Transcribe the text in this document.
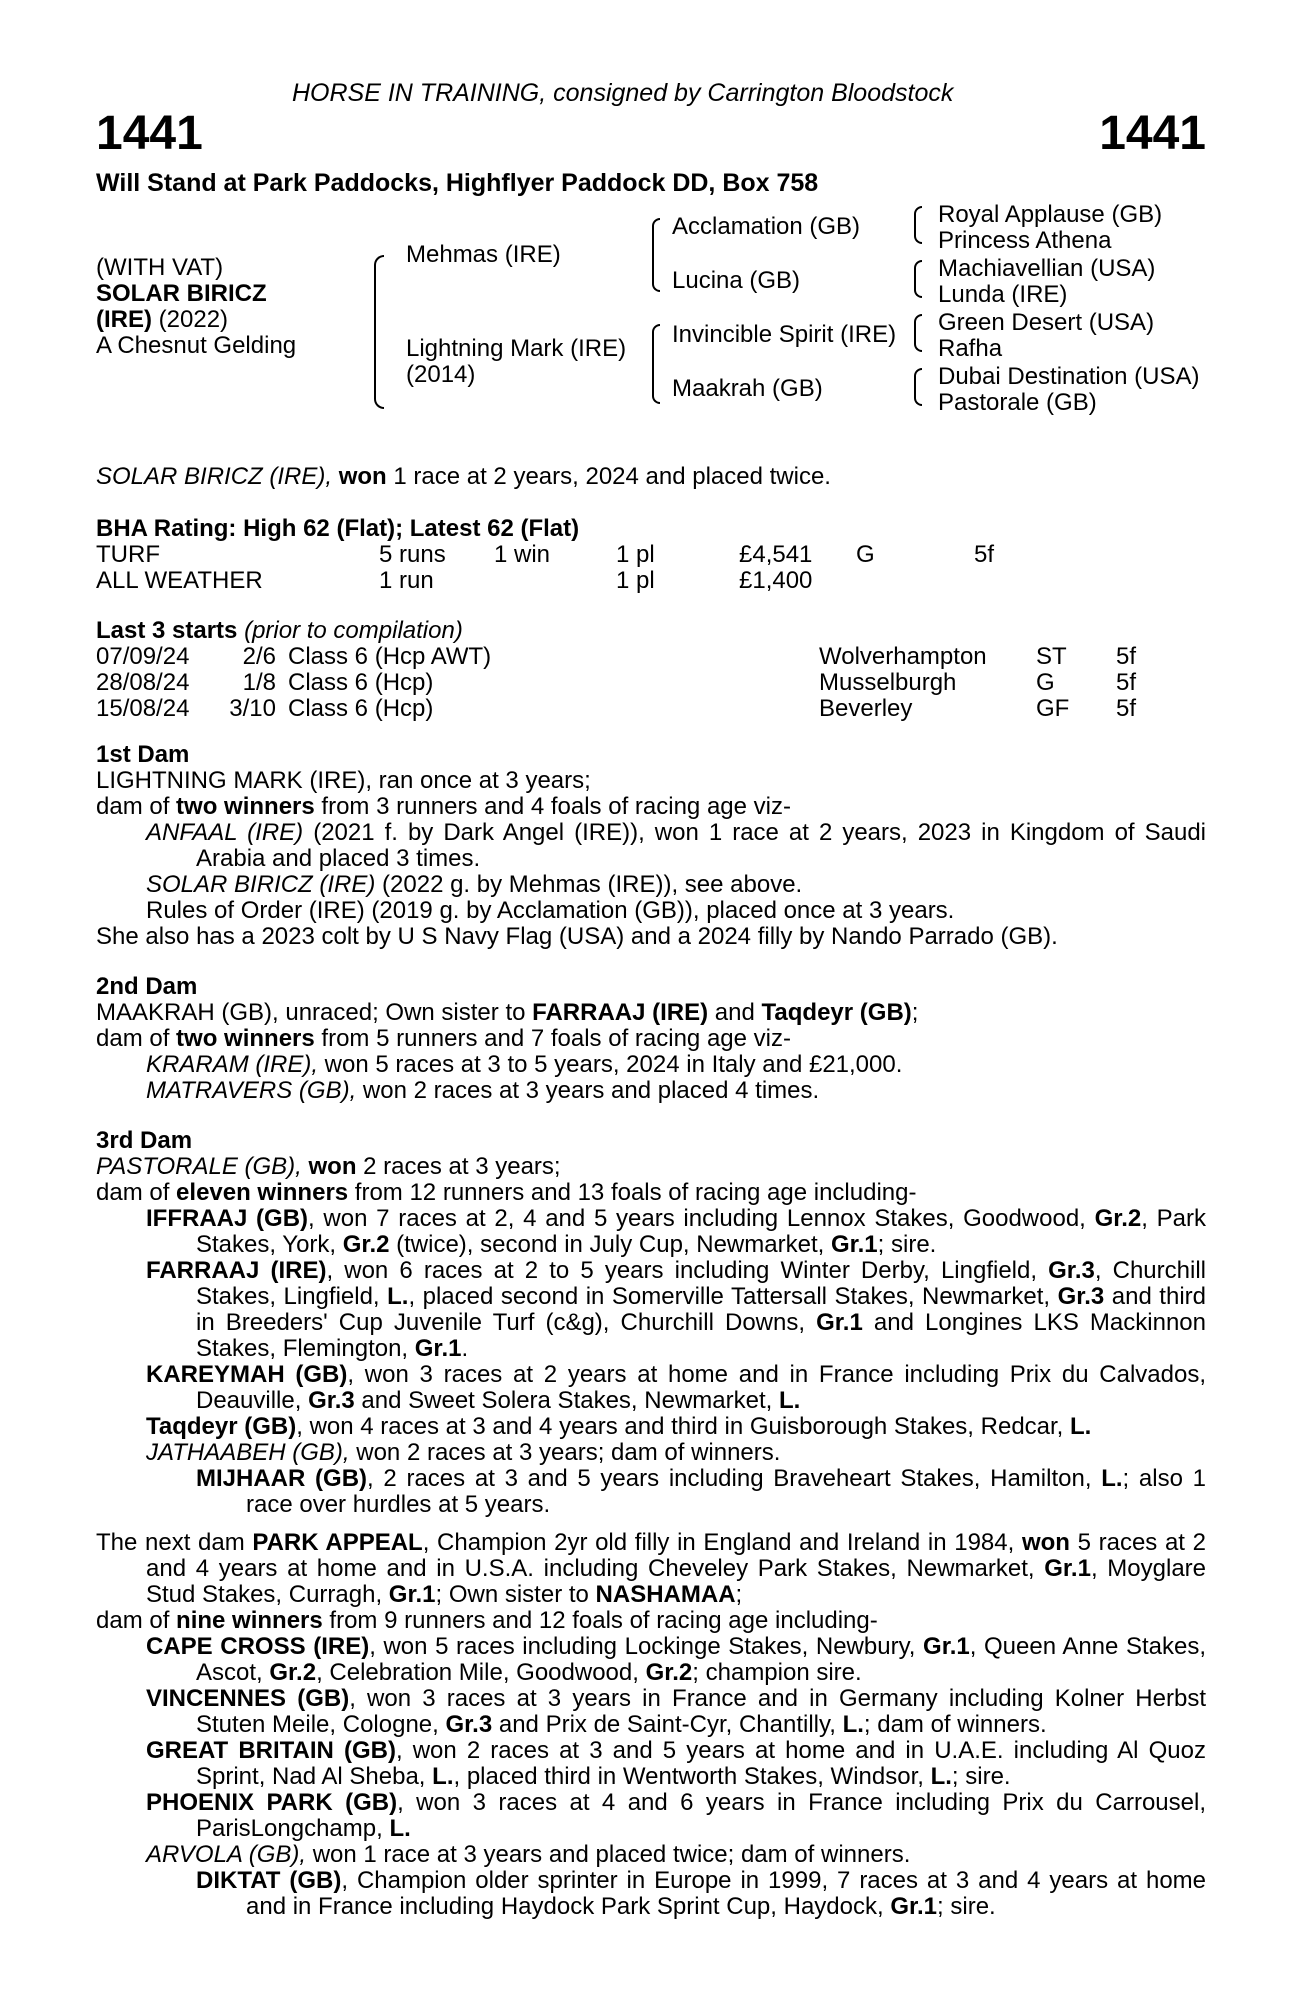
HORSE IN TRAINING, consigned by Carrington Bloodstock
1441	1441
Will Stand at Park Paddocks, Highflyer Paddock DD, Box 758
(WITH VAT)
SOLAR BIRICZ
(IRE) (2022)
A Chesnut Gelding
Mehmas (IRE)
Lightning Mark (IRE)
(2014)
Acclamation (GB)
Lucina (GB)
Invincible Spirit (IRE)
Maakrah (GB)
Royal Applause (GB)
Princess Athena
Machiavellian (USA)
Lunda (IRE)
Green Desert (USA)
Rafha
Dubai Destination (USA)
Pastorale (GB)
SOLAR BIRICZ (IRE), won 1 race at 2 years, 2024 and placed twice.
BHA Rating: High 62 (Flat); Latest 62 (Flat)
TURF	5 runs 1 win	1 pl	£4,541 G	5f
ALL WEATHER	1 run	1 pl	£1,400
Last 3 starts (prior to compilation)
07/09/24	2/6 Class 6 (Hcp AWT)	Wolverhampton ST 5f
28/08/24	1/8 Class 6 (Hcp)	Musselburgh	G	5f
15/08/24	3/10 Class 6 (Hcp)	Beverley	GF 5f
1st Dam

LIGHTNING MARK (IRE), ran once at 3 years;

dam of two winners from 3 runners and 4 foals of racing age viz-

ANFAAL (IRE) (2021 f. by Dark Angel (IRE)), won 1 race at 2 years, 2023 in Kingdom of Saudi Arabia and placed 3 times.

SOLAR BIRICZ (IRE) (2022 g. by Mehmas (IRE)), see above.

Rules of Order (IRE) (2019 g. by Acclamation (GB)), placed once at 3 years.

She also has a 2023 colt by U S Navy Flag (USA) and a 2024 filly by Nando Parrado (GB).

2nd Dam

MAAKRAH (GB), unraced; Own sister to FARRAAJ (IRE) and Taqdeyr (GB);

dam of two winners from 5 runners and 7 foals of racing age viz-

KRARAM (IRE), won 5 races at 3 to 5 years, 2024 in Italy and £21,000.

MATRAVERS (GB), won 2 races at 3 years and placed 4 times.

3rd Dam

PASTORALE (GB), won 2 races at 3 years;

dam of eleven winners from 12 runners and 13 foals of racing age including-

IFFRAAJ (GB), won 7 races at 2, 4 and 5 years including Lennox Stakes, Goodwood, Gr.2, Park Stakes, York, Gr.2 (twice), second in July Cup, Newmarket, Gr.1; sire.

FARRAAJ (IRE), won 6 races at 2 to 5 years including Winter Derby, Lingfield, Gr.3, Churchill Stakes, Lingfield, L., placed second in Somerville Tattersall Stakes, Newmarket, Gr.3 and third in Breeders' Cup Juvenile Turf (c&g), Churchill Downs, Gr.1 and Longines LKS Mackinnon Stakes, Flemington, Gr.1.

KAREYMAH (GB), won 3 races at 2 years at home and in France including Prix du Calvados, Deauville, Gr.3 and Sweet Solera Stakes, Newmarket, L.

Taqdeyr (GB), won 4 races at 3 and 4 years and third in Guisborough Stakes, Redcar, L.

JATHAABEH (GB), won 2 races at 3 years; dam of winners.

MIJHAAR (GB), 2 races at 3 and 5 years including Braveheart Stakes, Hamilton, L.; also 1 race over hurdles at 5 years.

The next dam PARK APPEAL, Champion 2yr old filly in England and Ireland in 1984, won 5 races at 2 and 4 years at home and in U.S.A. including Cheveley Park Stakes, Newmarket, Gr.1, Moyglare Stud Stakes, Curragh, Gr.1; Own sister to NASHAMAA;

dam of nine winners from 9 runners and 12 foals of racing age including-

CAPE CROSS (IRE), won 5 races including Lockinge Stakes, Newbury, Gr.1, Queen Anne Stakes, Ascot, Gr.2, Celebration Mile, Goodwood, Gr.2; champion sire.

VINCENNES (GB), won 3 races at 3 years in France and in Germany including Kolner Herbst Stuten Meile, Cologne, Gr.3 and Prix de Saint-Cyr, Chantilly, L.; dam of winners.

GREAT BRITAIN (GB), won 2 races at 3 and 5 years at home and in U.A.E. including Al Quoz Sprint, Nad Al Sheba, L., placed third in Wentworth Stakes, Windsor, L.; sire.

PHOENIX PARK (GB), won 3 races at 4 and 6 years in France including Prix du Carrousel, ParisLongchamp, L.

ARVOLA (GB), won 1 race at 3 years and placed twice; dam of winners.

DIKTAT (GB), Champion older sprinter in Europe in 1999, 7 races at 3 and 4 years at home and in France including Haydock Park Sprint Cup, Haydock, Gr.1; sire.
